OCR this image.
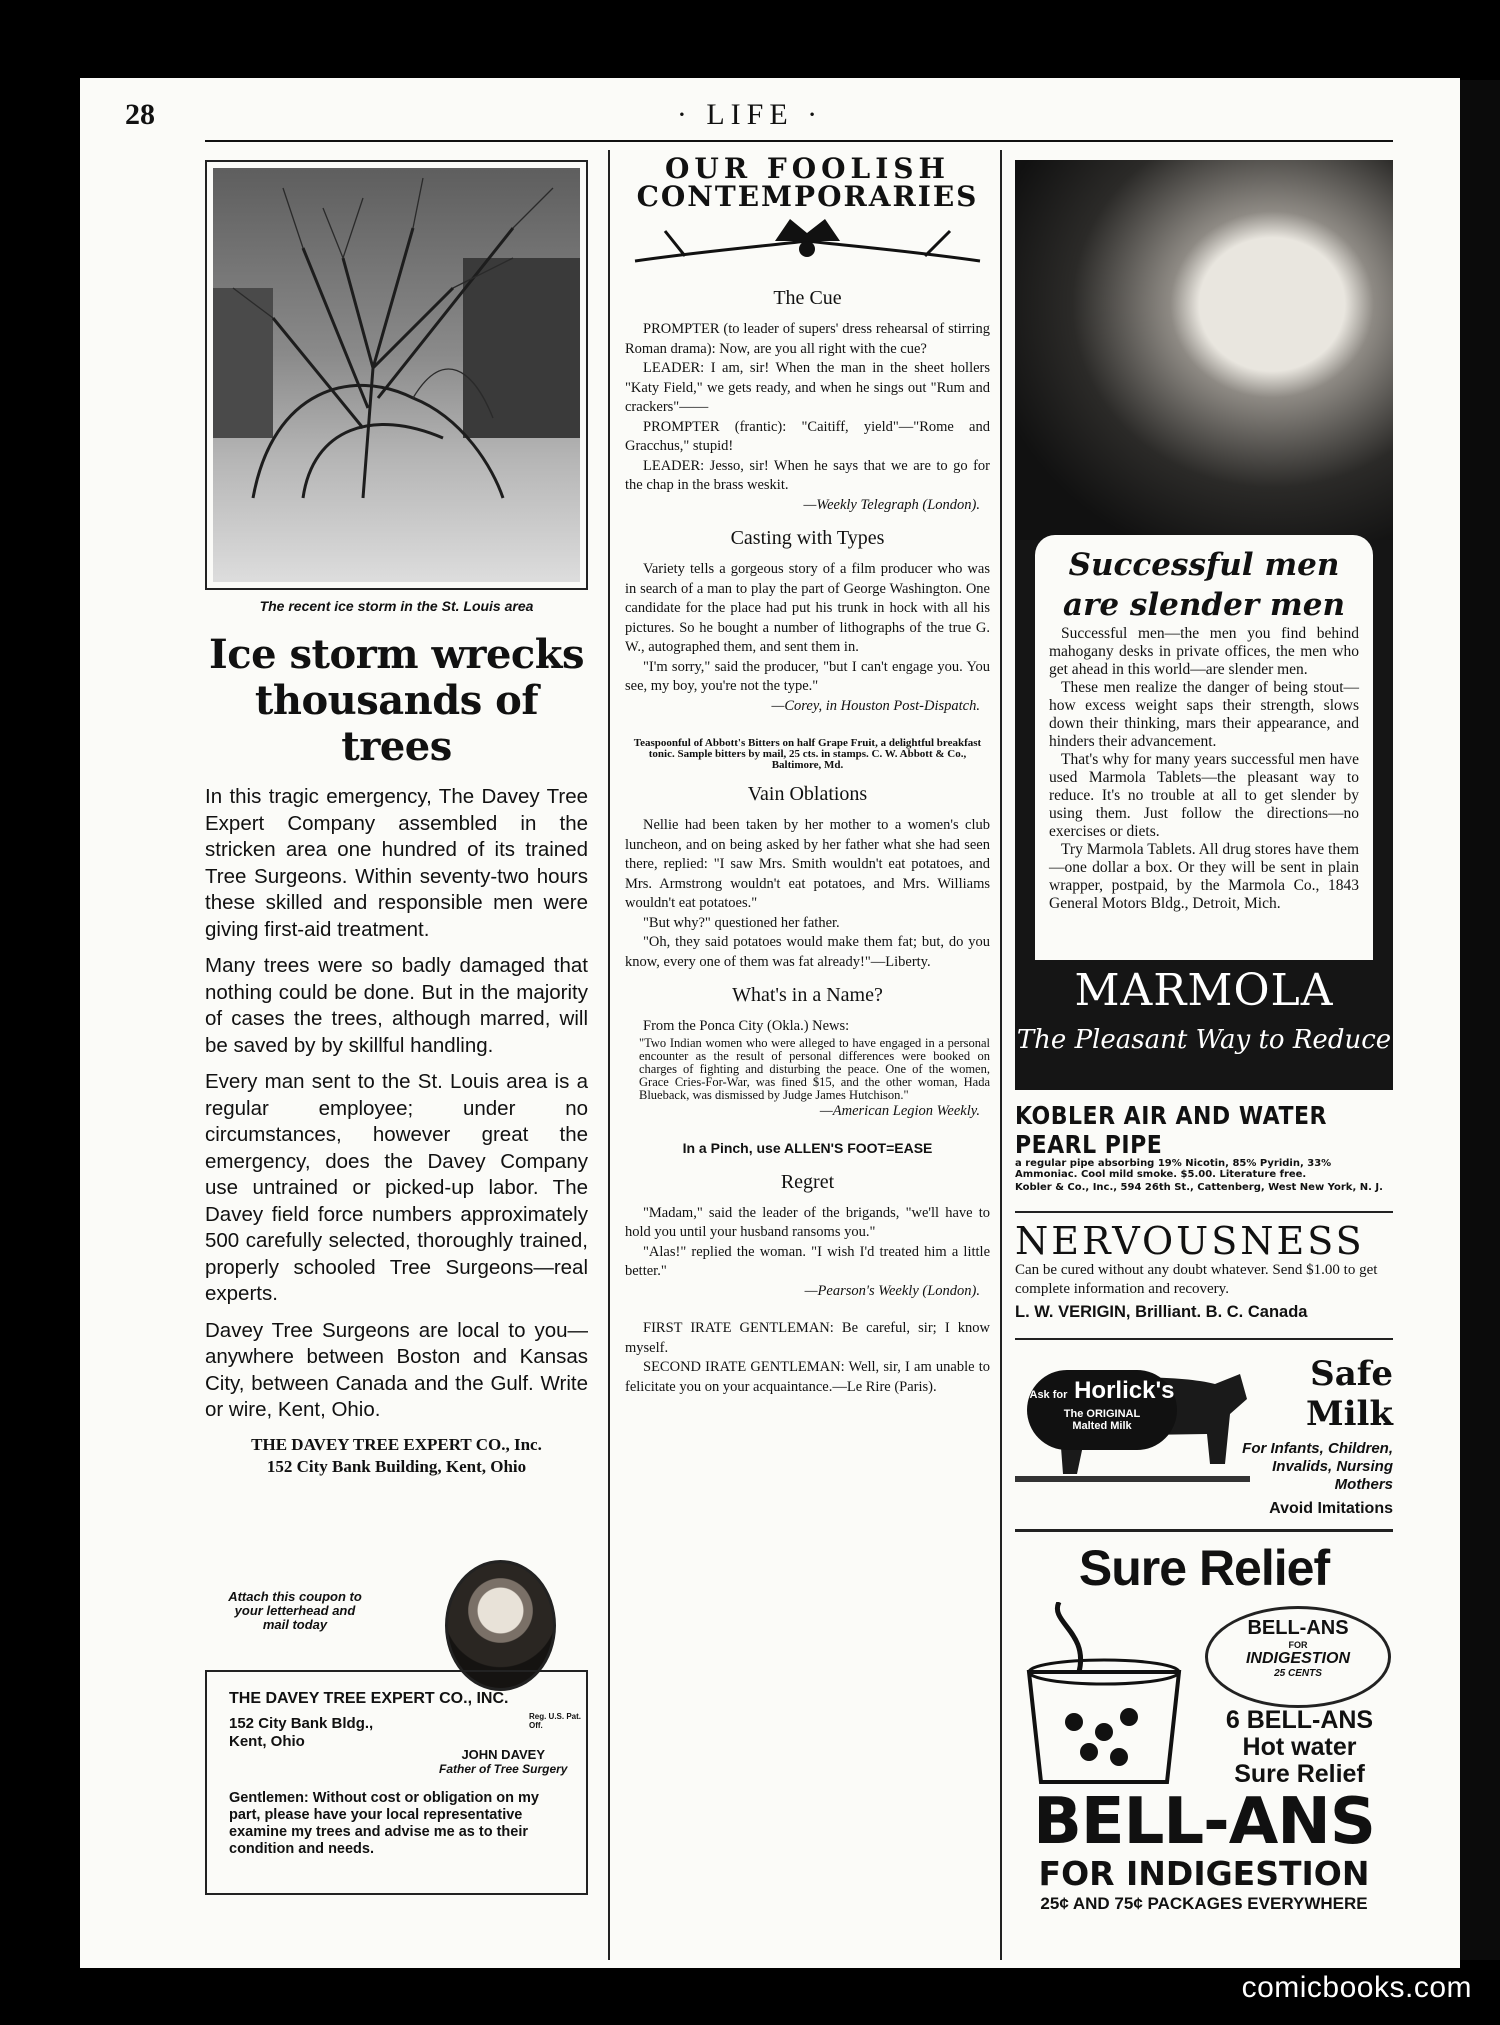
28	· LIFE ·
The recent ice storm in the St. Louis area
Ice storm wrecks thousands of trees

In this tragic emergency, The Davey Tree Expert Company assembled in the stricken area one hundred of its trained Tree Surgeons. Within seventy-two hours these skilled and responsible men were giving first-aid treatment.

Many trees were so badly damaged that nothing could be done. But in the majority of cases the trees, although marred, will be saved by by skillful handling.

Every man sent to the St. Louis area is a regular employee; under no circumstances, however great the emergency, does the Davey Company use untrained or picked-up labor. The Davey field force numbers approximately 500 carefully selected, thoroughly trained, properly schooled Tree Surgeons—real experts.

Davey Tree Surgeons are local to you—anywhere between Boston and Kansas City, between Canada and the Gulf. Write or wire, Kent, Ohio.

THE DAVEY TREE EXPERT CO., Inc.
152 City Bank Building, Kent, Ohio
Attach this coupon to your letterhead and mail today
THE DAVEY TREE EXPERT CO., INC.
152 City Bank Bldg.,
Kent, Ohio
Reg. U.S. Pat. Off.
JOHN DAVEY
Father of Tree Surgery
Gentlemen: Without cost or obligation on my part, please have your local representative examine my trees and advise me as to their condition and needs.
OUR FOOLISH
CONTEMPORARIES
The Cue

PROMPTER (to leader of supers' dress rehearsal of stirring Roman drama): Now, are you all right with the cue?

LEADER: I am, sir! When the man in the sheet hollers "Katy Field," we gets ready, and when he sings out "Rum and crackers"——

PROMPTER (frantic): "Caitiff, yield"—"Rome and Gracchus," stupid!

LEADER: Jesso, sir! When he says that we are to go for the chap in the brass weskit.

—Weekly Telegraph (London).

Casting with Types

Variety tells a gorgeous story of a film producer who was in search of a man to play the part of George Washington. One candidate for the place had put his trunk in hock with all his pictures. So he bought a number of lithographs of the true G. W., autographed them, and sent them in.

"I'm sorry," said the producer, "but I can't engage you. You see, my boy, you're not the type."

—Corey, in Houston Post-Dispatch.

Teaspoonful of Abbott's Bitters on half Grape Fruit, a delightful breakfast tonic. Sample bitters by mail, 25 cts. in stamps. C. W. Abbott & Co., Baltimore, Md.

Vain Oblations

Nellie had been taken by her mother to a women's club luncheon, and on being asked by her father what she had seen there, replied: "I saw Mrs. Smith wouldn't eat potatoes, and Mrs. Armstrong wouldn't eat potatoes, and Mrs. Williams wouldn't eat potatoes."

"But why?" questioned her father.

"Oh, they said potatoes would make them fat; but, do you know, every one of them was fat already!"—Liberty.

What's in a Name?

From the Ponca City (Okla.) News:

"Two Indian women who were alleged to have engaged in a personal encounter as the result of personal differences were booked on charges of fighting and disturbing the peace. One of the women, Grace Cries-For-War, was fined $15, and the other woman, Hada Blueback, was dismissed by Judge James Hutchison."

—American Legion Weekly.

In a Pinch, use ALLEN'S FOOT=EASE

Regret

"Madam," said the leader of the brigands, "we'll have to hold you until your husband ransoms you."

"Alas!" replied the woman. "I wish I'd treated him a little better."

—Pearson's Weekly (London).

FIRST IRATE GENTLEMAN: Be careful, sir; I know myself.

SECOND IRATE GENTLEMAN: Well, sir, I am unable to felicitate you on your acquaintance.—Le Rire (Paris).

Successful men are slender men

Successful men—the men you find behind mahogany desks in private offices, the men who get ahead in this world—are slender men.

These men realize the danger of being stout—how excess weight saps their strength, slows down their thinking, mars their appearance, and hinders their advancement.

That's why for many years successful men have used Marmola Tablets—the pleasant way to reduce. It's no trouble at all to get slender by using them. Just follow the directions—no exercises or diets.

Try Marmola Tablets. All drug stores have them—one dollar a box. Or they will be sent in plain wrapper, postpaid, by the Marmola Co., 1843 General Motors Bldg., Detroit, Mich.

MARMOLA
The Pleasant Way to Reduce
KOBLER AIR AND WATER PEARL PIPE
a regular pipe absorbing 19% Nicotin, 85% Pyridin, 33% Ammoniac. Cool mild smoke. $5.00. Literature free.
Kobler & Co., Inc., 594 26th St., Cattenberg, West New York, N. J.
NERVOUSNESS
Can be cured without any doubt whatever. Send $1.00 to get complete information and recovery.
L. W. VERIGIN, Brilliant. B. C. Canada
Ask for Horlick's
The ORIGINAL
Malted Milk
Safe Milk
For Infants, Children, Invalids, Nursing Mothers
Avoid Imitations
Sure Relief
BELL-ANS
FOR
INDIGESTION
25 CENTS
6 BELL-ANS Hot water Sure Relief
BELL-ANS
FOR INDIGESTION
25¢ AND 75¢ PACKAGES EVERYWHERE
comicbooks.com
